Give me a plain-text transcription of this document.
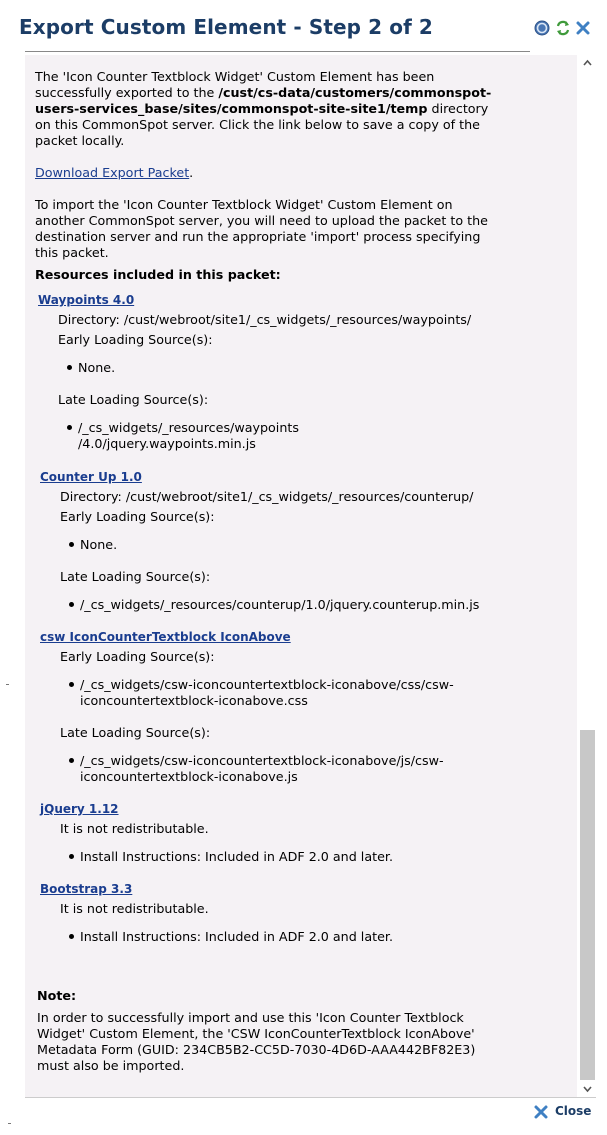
Export Custom Element - Step 2 of 2
The 'Icon Counter Textblock Widget' Custom Element has been
successfully exported to the /cust/cs-data/customers/commonspot-
users-services_base/sites/commonspot-site-site1/temp directory
on this CommonSpot server. Click the link below to save a copy of the
packet locally.
Download Export Packet.
To import the 'Icon Counter Textblock Widget' Custom Element on
another CommonSpot server, you will need to upload the packet to the
destination server and run the appropriate 'import' process specifying
this packet.
Resources included in this packet:
Waypoints 4.0
Directory: /cust/webroot/site1/_cs_widgets/_resources/waypoints/
Early Loading Source(s):
None.
Late Loading Source(s):
/_cs_widgets/_resources/waypoints
/4.0/jquery.waypoints.min.js
Counter Up 1.0
Directory: /cust/webroot/site1/_cs_widgets/_resources/counterup/
Early Loading Source(s):
None.
Late Loading Source(s):
/_cs_widgets/_resources/counterup/1.0/jquery.counterup.min.js
csw IconCounterTextblock IconAbove
Early Loading Source(s):
/_cs_widgets/csw-iconcountertextblock-iconabove/css/csw-
iconcountertextblock-iconabove.css
Late Loading Source(s):
/_cs_widgets/csw-iconcountertextblock-iconabove/js/csw-
iconcountertextblock-iconabove.js
jQuery 1.12
It is not redistributable.
Install Instructions: Included in ADF 2.0 and later.
Bootstrap 3.3
It is not redistributable.
Install Instructions: Included in ADF 2.0 and later.
Note:
In order to successfully import and use this 'Icon Counter Textblock
Widget' Custom Element, the 'CSW IconCounterTextblock IconAbove'
Metadata Form (GUID: 234CB5B2-CC5D-7030-4D6D-AAA442BF82E3)
must also be imported.
Close
